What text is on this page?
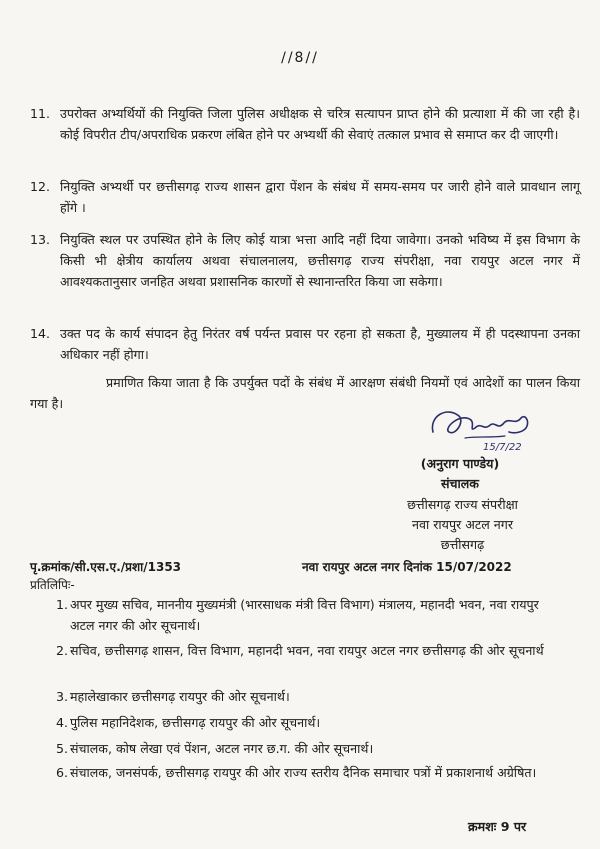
//8//
11. उपरोक्त अभ्यर्थियों की नियुक्ति जिला पुलिस अधीक्षक से चरित्र सत्यापन प्राप्त होने की प्रत्याशा में की जा रही है। कोई विपरीत टीप/अपराधिक प्रकरण लंबित होने पर अभ्यर्थी की सेवाएं तत्काल प्रभाव से समाप्त कर दी जाएगी।
12. नियुक्ति अभ्यर्थी पर छत्तीसगढ़ राज्य शासन द्वारा पेंशन के संबंध में समय-समय पर जारी होने वाले प्रावधान लागू होंगे ।
13. नियुक्ति स्थल पर उपस्थित होने के लिए कोई यात्रा भत्ता आदि नहीं दिया जावेगा। उनको भविष्य में इस विभाग के किसी भी क्षेत्रीय कार्यालय अथवा संचालनालय, छत्तीसगढ़ राज्य संपरीक्षा, नवा रायपुर अटल नगर में आवश्यकतानुसार जनहित अथवा प्रशासनिक कारणों से स्थानान्तरित किया जा सकेगा।
14. उक्त पद के कार्य संपादन हेतु निरंतर वर्ष पर्यन्त प्रवास पर रहना हो सकता है, मुख्यालय में ही पदस्थापना उनका अधिकार नहीं होगा।
प्रमाणित किया जाता है कि उपर्युक्त पदों के संबंध में आरक्षण संबंधी नियमों एवं आदेशों का पालन किया गया है।
15/7/22
(अनुराग पाण्डेय)
संचालक
छत्तीसगढ़ राज्य संपरीक्षा
नवा रायपुर अटल नगर
छत्तीसगढ़
पृ.क्रमांक/सी.एस.ए./प्रशा/1353	नवा रायपुर अटल नगर दिनांक 15/07/2022
प्रतिलिपिः-
1. अपर मुख्य सचिव, माननीय मुख्यमंत्री (भारसाधक मंत्री वित्त विभाग) मंत्रालय, महानदी भवन, नवा रायपुर अटल नगर की ओर सूचनार्थ।
2. सचिव, छत्तीसगढ़ शासन, वित्त विभाग, महानदी भवन, नवा रायपुर अटल नगर छत्तीसगढ़ की ओर सूचनार्थ
3. महालेखाकार छत्तीसगढ़ रायपुर की ओर सूचनार्थ।
4. पुलिस महानिदेशक, छत्तीसगढ़ रायपुर की ओर सूचनार्थ।
5. संचालक, कोष लेखा एवं पेंशन, अटल नगर छ.ग. की ओर सूचनार्थ।
6. संचालक, जनसंपर्क, छत्तीसगढ़ रायपुर की ओर राज्य स्तरीय दैनिक समाचार पत्रों में प्रकाशनार्थ अग्रेषित।
क्रमशः 9 पर
